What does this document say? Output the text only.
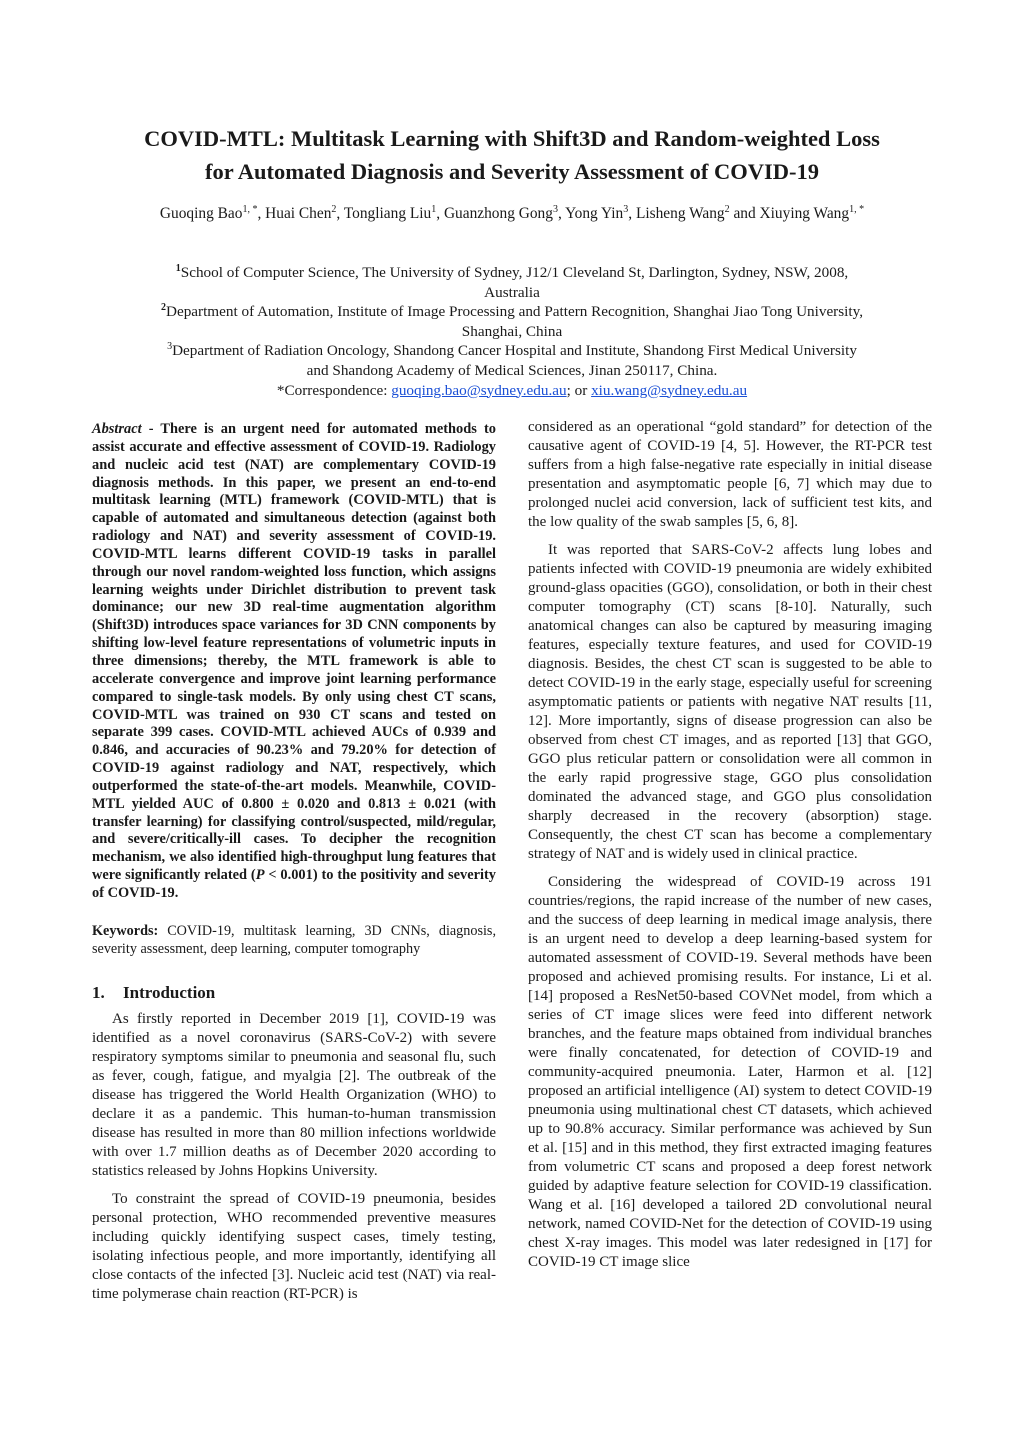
COVID-MTL: Multitask Learning with Shift3D and Random-weighted Loss
for Automated Diagnosis and Severity Assessment of COVID-19
Guoqing Bao$^{1, *}$, Huai Chen$^2$, Tongliang Liu$^1$, Guanzhong Gong$^3$, Yong Yin$^3$, Lisheng Wang$^2$ and Xiuying Wang$^{1, *}$
$^1$School of Computer Science, The University of Sydney, J12/1 Cleveland St, Darlington, Sydney, NSW, 2008,
Australia
$^2$Department of Automation, Institute of Image Processing and Pattern Recognition, Shanghai Jiao Tong University,
Shanghai, China
$^3$Department of Radiation Oncology, Shandong Cancer Hospital and Institute, Shandong First Medical University
and Shandong Academy of Medical Sciences, Jinan 250117, China.
*Correspondence: guoqing.bao@sydney.edu.au; or xiu.wang@sydney.edu.au

Abstract - There is an urgent need for automated methods to assist accurate and effective assessment of COVID-19. Radiology and nucleic acid test (NAT) are complementary COVID-19 diagnosis methods. In this paper, we present an end-to-end multitask learning (MTL) framework (COVID-MTL) that is capable of automated and simultaneous detection (against both radiology and NAT) and severity assessment of COVID-19. COVID-MTL learns different COVID-19 tasks in parallel through our novel random-weighted loss function, which assigns learning weights under Dirichlet distribution to prevent task dominance; our new 3D real-time augmentation algorithm (Shift3D) introduces space variances for 3D CNN components by shifting low-level feature representations of volumetric inputs in three dimensions; thereby, the MTL framework is able to accelerate convergence and improve joint learning performance compared to single-task models. By only using chest CT scans, COVID-MTL was trained on 930 CT scans and tested on separate 399 cases. COVID-MTL achieved AUCs of 0.939 and 0.846, and accuracies of 90.23% and 79.20% for detection of COVID-19 against radiology and NAT, respectively, which outperformed the state-of-the-art models. Meanwhile, COVID-MTL yielded AUC of 0.800 ± 0.020 and 0.813 ± 0.021 (with transfer learning) for classifying control/suspected, mild/regular, and severe/critically-ill cases. To decipher the recognition mechanism, we also identified high-throughput lung features that were significantly related (P < 0.001) to the positivity and severity of COVID-19.

Keywords: COVID-19, multitask learning, 3D CNNs, diagnosis, severity assessment, deep learning, computer tomography
1. Introduction

As firstly reported in December 2019 [1], COVID-19 was identified as a novel coronavirus (SARS-CoV-2) with severe respiratory symptoms similar to pneumonia and seasonal flu, such as fever, cough, fatigue, and myalgia [2]. The outbreak of the disease has triggered the World Health Organization (WHO) to declare it as a pandemic. This human-to-human transmission disease has resulted in more than 80 million infections worldwide with over 1.7 million deaths as of December 2020 according to statistics released by Johns Hopkins University.

To constraint the spread of COVID-19 pneumonia, besides personal protection, WHO recommended preventive measures including quickly identifying suspect cases, timely testing, isolating infectious people, and more importantly, identifying all close contacts of the infected [3]. Nucleic acid test (NAT) via real-time polymerase chain reaction (RT-PCR) is

considered as an operational “gold standard” for detection of the causative agent of COVID-19 [4, 5]. However, the RT-PCR test suffers from a high false-negative rate especially in initial disease presentation and asymptomatic people [6, 7] which may due to prolonged nuclei acid conversion, lack of sufficient test kits, and the low quality of the swab samples [5, 6, 8].

It was reported that SARS-CoV-2 affects lung lobes and patients infected with COVID-19 pneumonia are widely exhibited ground-glass opacities (GGO), consolidation, or both in their chest computer tomography (CT) scans [8-10]. Naturally, such anatomical changes can also be captured by measuring imaging features, especially texture features, and used for COVID-19 diagnosis. Besides, the chest CT scan is suggested to be able to detect COVID-19 in the early stage, especially useful for screening asymptomatic patients or patients with negative NAT results [11, 12]. More importantly, signs of disease progression can also be observed from chest CT images, and as reported [13] that GGO, GGO plus reticular pattern or consolidation were all common in the early rapid progressive stage, GGO plus consolidation dominated the advanced stage, and GGO plus consolidation sharply decreased in the recovery (absorption) stage. Consequently, the chest CT scan has become a complementary strategy of NAT and is widely used in clinical practice.

Considering the widespread of COVID-19 across 191 countries/regions, the rapid increase of the number of new cases, and the success of deep learning in medical image analysis, there is an urgent need to develop a deep learning-based system for automated assessment of COVID-19. Several methods have been proposed and achieved promising results. For instance, Li et al. [14] proposed a ResNet50-based COVNet model, from which a series of CT image slices were feed into different network branches, and the feature maps obtained from individual branches were finally concatenated, for detection of COVID-19 and community-acquired pneumonia. Later, Harmon et al. [12] proposed an artificial intelligence (AI) system to detect COVID-19 pneumonia using multinational chest CT datasets, which achieved up to 90.8% accuracy. Similar performance was achieved by Sun et al. [15] and in this method, they first extracted imaging features from volumetric CT scans and proposed a deep forest network guided by adaptive feature selection for COVID-19 classification. Wang et al. [16] developed a tailored 2D convolutional neural network, named COVID-Net for the detection of COVID-19 using chest X-ray images. This model was later redesigned in [17] for COVID-19 CT image slice
